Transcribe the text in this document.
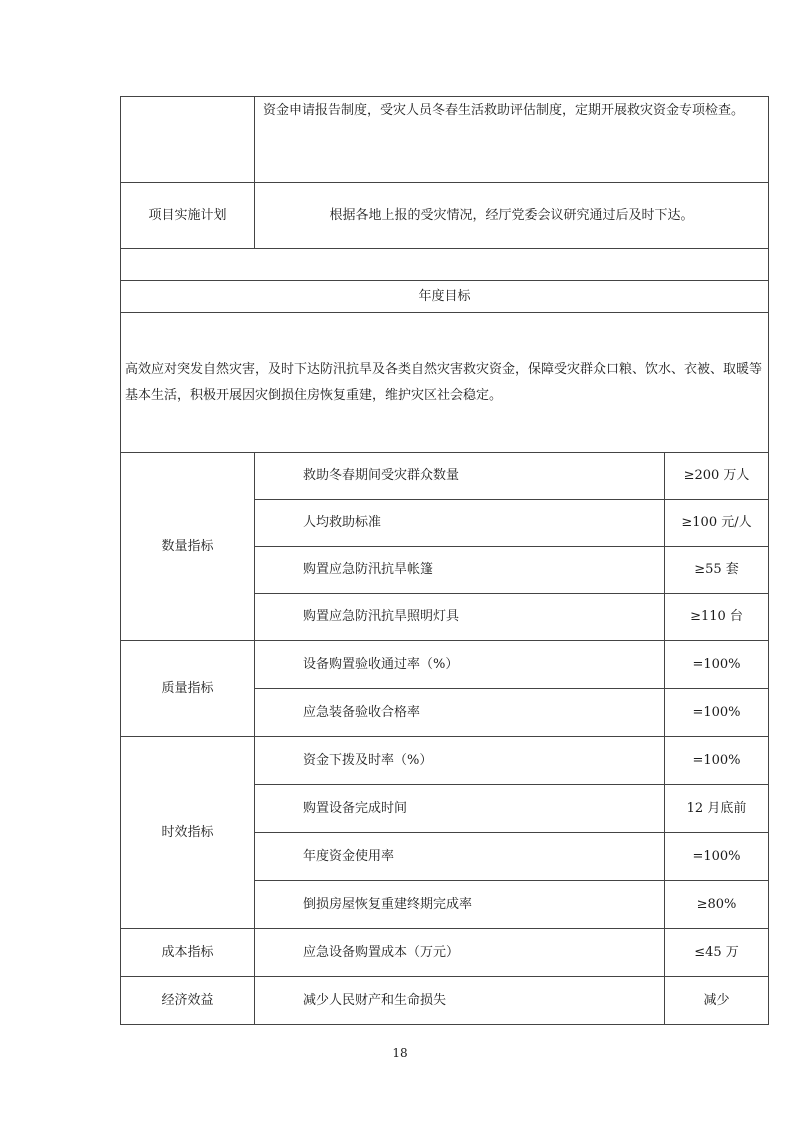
	资金申请报告制度，受灾人员冬春生活救助评估制度，定期开展救灾资金专项检查。	
项目实施计划	根据各地上报的受灾情况，经厅党委会议研究通过后及时下达。	

年度目标		
高效应对突发自然灾害，及时下达防汛抗旱及各类自然灾害救灾资金，保障受灾群众口粮、饮水、衣被、取暖等基本生活，积极开展因灾倒损住房恢复重建，维护灾区社会稳定。		
数量指标	救助冬春期间受灾群众数量	≥200 万人
	人均救助标准	≥100 元/人
	购置应急防汛抗旱帐篷	≥55 套
	购置应急防汛抗旱照明灯具	≥110 台
质量指标	设备购置验收通过率（%）	=100%
	应急装备验收合格率	=100%
时效指标	资金下拨及时率（%）	=100%
	购置设备完成时间	12 月底前
	年度资金使用率	=100%
	倒损房屋恢复重建终期完成率	≥80%
成本指标	应急设备购置成本（万元）	≤45 万
经济效益	减少人民财产和生命损失	减少
18
